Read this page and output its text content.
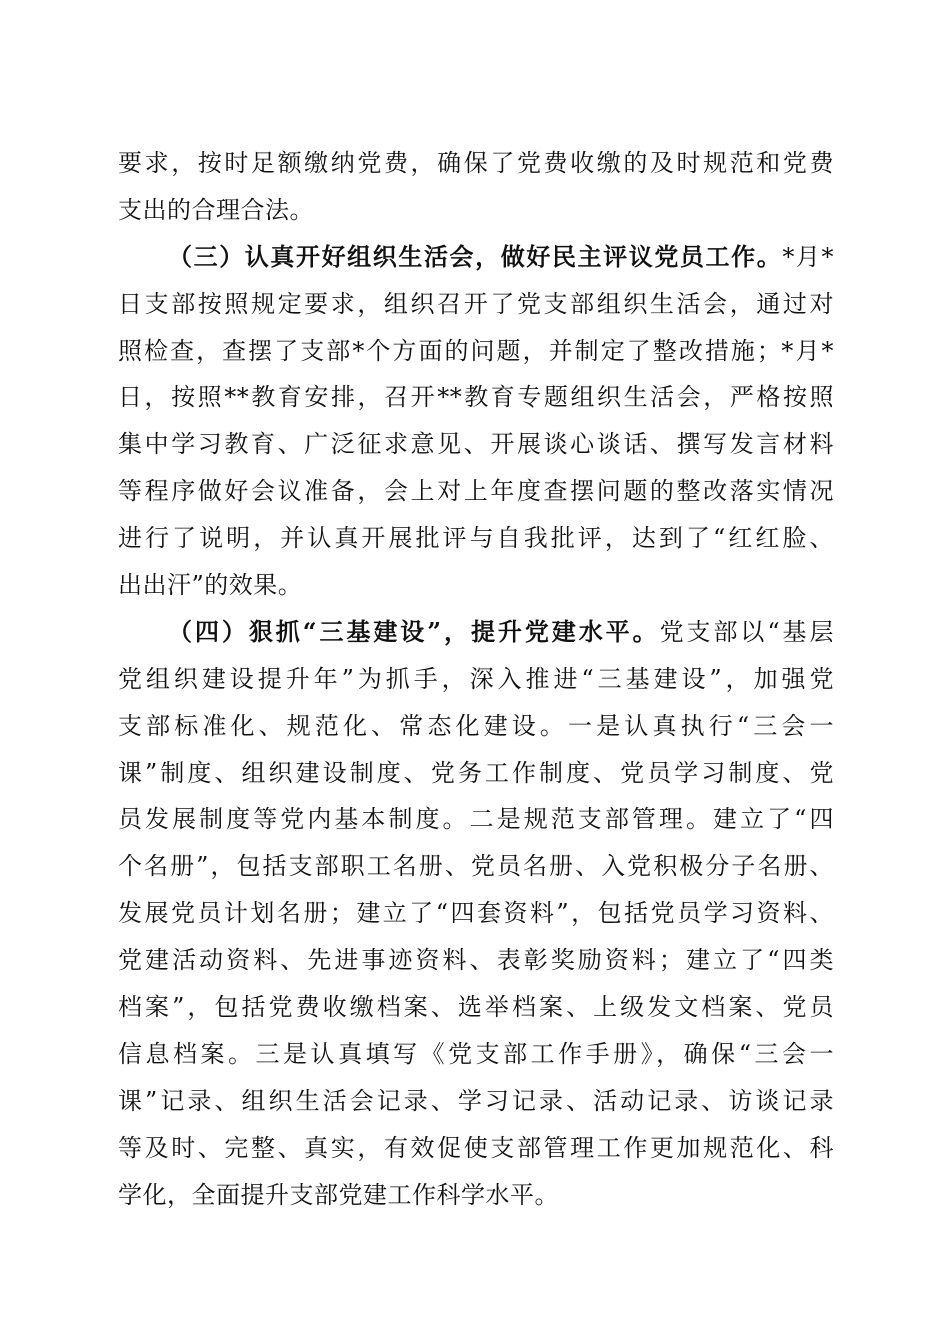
要求，按时足额缴纳党费，确保了党费收缴的及时规范和党费
支出的合理合法。
（三）认真开好组织生活会，做好民主评议党员工作。*月*
日支部按照规定要求，组织召开了党支部组织生活会，通过对
照检查，查摆了支部*个方面的问题，并制定了整改措施；*月*
日，按照**教育安排，召开**教育专题组织生活会，严格按照
集中学习教育、广泛征求意见、开展谈心谈话、撰写发言材料
等程序做好会议准备，会上对上年度查摆问题的整改落实情况
进行了说明，并认真开展批评与自我批评，达到了“红红脸、
出出汗”的效果。
（四）狠抓“三基建设”，提升党建水平。党支部以“基层
党组织建设提升年”为抓手，深入推进“三基建设”，加强党
支部标准化、规范化、常态化建设。一是认真执行“三会一
课”制度、组织建设制度、党务工作制度、党员学习制度、党
员发展制度等党内基本制度。二是规范支部管理。建立了“四
个名册”，包括支部职工名册、党员名册、入党积极分子名册、
发展党员计划名册；建立了“四套资料”，包括党员学习资料、
党建活动资料、先进事迹资料、表彰奖励资料；建立了“四类
档案”，包括党费收缴档案、选举档案、上级发文档案、党员
信息档案。三是认真填写《党支部工作手册》，确保“三会一
课”记录、组织生活会记录、学习记录、活动记录、访谈记录
等及时、完整、真实，有效促使支部管理工作更加规范化、科
学化，全面提升支部党建工作科学水平。
